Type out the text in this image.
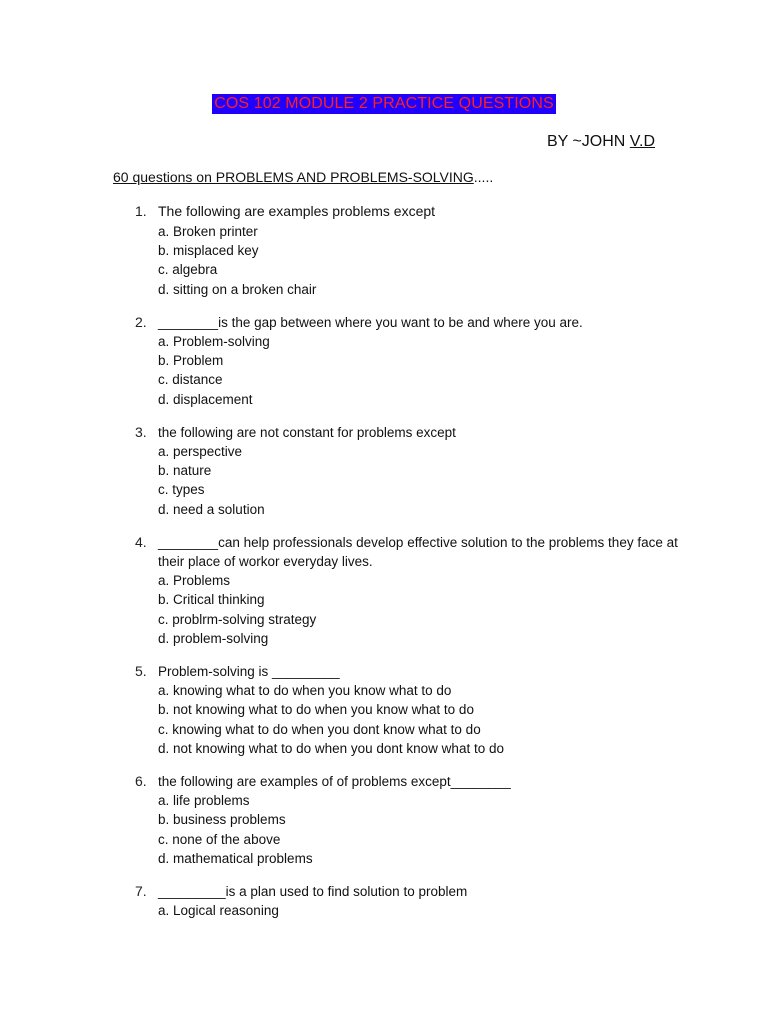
COS 102 MODULE 2 PRACTICE QUESTIONS
BY ~JOHN V.D
60 questions on PROBLEMS AND PROBLEMS-SOLVING.....
1. The following are examples problems except
a. Broken printer
b. misplaced key
c. algebra
d. sitting on a broken chair
2. ________is the gap between where you want to be and where you are.
a. Problem-solving
b. Problem
c. distance
d. displacement
3. the following are not constant for problems except
a. perspective
b. nature
c. types
d. need a solution
4. ________can help professionals develop effective solution to the problems they face at their place of workor everyday lives.
a. Problems
b. Critical thinking
c. problrm-solving strategy
d. problem-solving
5. Problem-solving is _________
a. knowing what to do when you know what to do
b. not knowing what to do when you know what to do
c. knowing what to do when you dont know what to do
d. not knowing what to do when you dont know what to do
6. the following are examples of of problems except________
a. life problems
b. business problems
c. none of the above
d. mathematical problems
7. _________is a plan used to find solution to problem
a. Logical reasoning
